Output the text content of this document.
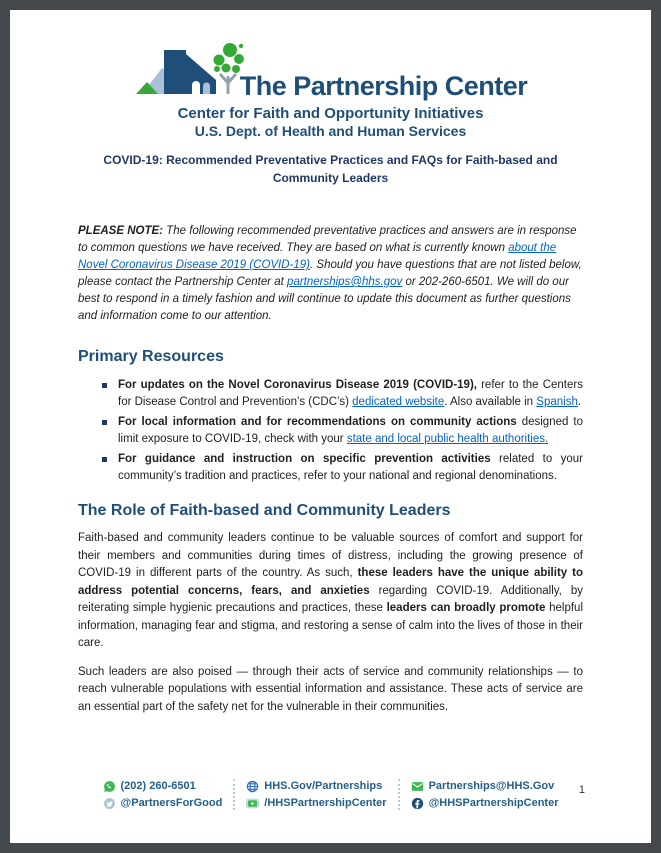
The Partnership Center
Center for Faith and Opportunity Initiatives
U.S. Dept. of Health and Human Services
COVID-19: Recommended Preventative Practices and FAQs for Faith-based and
Community Leaders

PLEASE NOTE: The following recommended preventative practices and answers are in response to common questions we have received. They are based on what is currently known about the Novel Coronavirus Disease 2019 (COVID-19). Should you have questions that are not listed below, please contact the Partnership Center at partnerships@hhs.gov or 202-260-6501. We will do our best to respond in a timely fashion and will continue to update this document as further questions and information come to our attention.

Primary Resources
For updates on the Novel Coronavirus Disease 2019 (COVID-19), refer to the Centers for Disease Control and Prevention’s (CDC’s) dedicated website. Also available in Spanish.
For local information and for recommendations on community actions designed to limit exposure to COVID-19, check with your state and local public health authorities.
For guidance and instruction on specific prevention activities related to your community’s tradition and practices, refer to your national and regional denominations.
The Role of Faith-based and Community Leaders

Faith-based and community leaders continue to be valuable sources of comfort and support for their members and communities during times of distress, including the growing presence of COVID-19 in different parts of the country. As such, these leaders have the unique ability to address potential concerns, fears, and anxieties regarding COVID-19. Additionally, by reiterating simple hygienic precautions and practices, these leaders can broadly promote helpful information, managing fear and stigma, and restoring a sense of calm into the lives of those in their care.

Such leaders are also poised — through their acts of service and community relationships — to reach vulnerable populations with essential information and assistance. These acts of service are an essential part of the safety net for the vulnerable in their communities.

(202) 260-6501
@PartnersForGood
HHS.Gov/Partnerships
/HHSPartnershipCenter
Partnerships@HHS.Gov
@HHSPartnershipCenter
1
